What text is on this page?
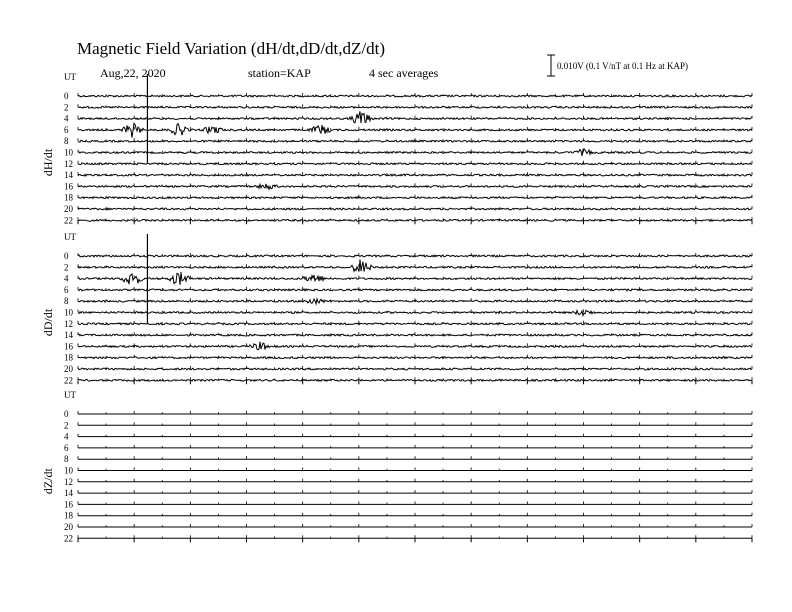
Magnetic Field Variation (dH/dt,dD/dt,dZ/dt)
Aug,22, 2020	station=KAP	4 sec averages	0.010V (0.1 V/nT at 0.1 Hz at KAP)
UT
dH/dt
0
2
4
6
8
10
12
14
16
18
20
22
UT
dD/dt
0
2
4
6
8
10
12
14
16
18
20
22
UT
dZ/dt
0
2
4
6
8
10
12
14
16
18
20
22
